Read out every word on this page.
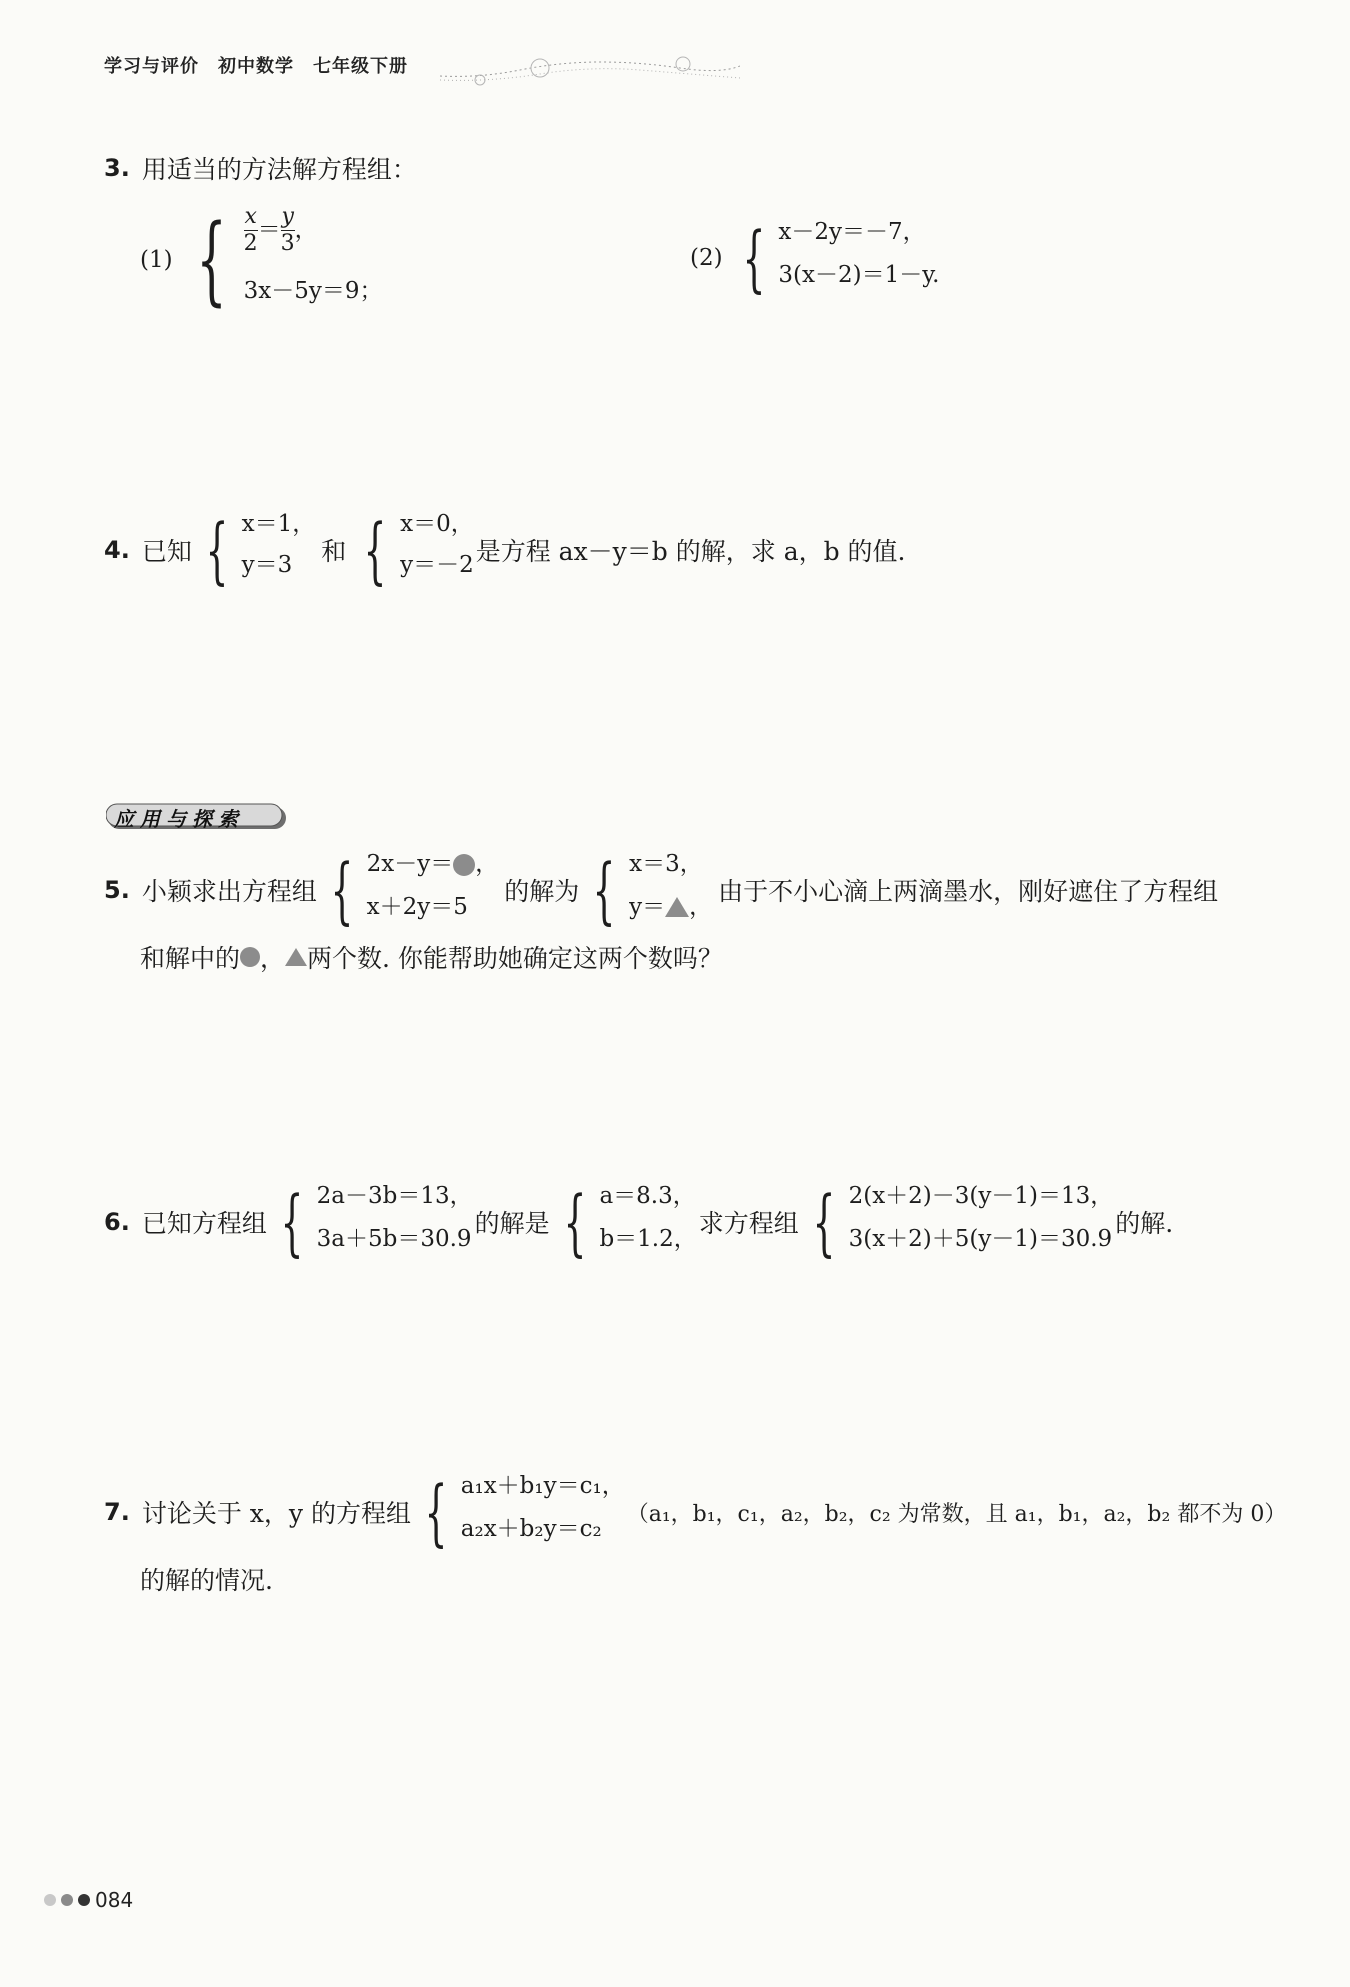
学习与评价　初中数学　七年级下册
3. 用适当的方法解方程组：
(1) { $\frac{x}{2} = \frac{y}{3}$ ，
3x－5y＝9；
(2) { x－2y＝－7，
3(x－2)＝1－y.
4. 已知 { x＝1，
y＝3	和 { x＝0，
y＝－2 是方程 ax－y＝b 的解，求 a，b 的值.
应用与探索
5. 小颖求出方程组 { 2x－y＝ ，
x＋2y＝5
的解为 { x＝3，
y＝ ，
由于不小心滴上两滴墨水，刚好遮住了方程组
和解中的 ， 两个数. 你能帮助她确定这两个数吗？
6. 已知方程组 { 2a－3b＝13，
3a＋5b＝30.9
的解是 { a＝8.3，
b＝1.2，
求方程组 { 2(x＋2)－3(y－1)＝13，
3(x＋2)＋5(y－1)＝30.9
的解.
7. 讨论关于 x，y 的方程组 { a₁x＋b₁y＝c₁，
a₂x＋b₂y＝c₂
（a₁，b₁，c₁，a₂，b₂，c₂ 为常数，且 a₁，b₁，a₂，b₂ 都不为 0）
的解的情况.
084
